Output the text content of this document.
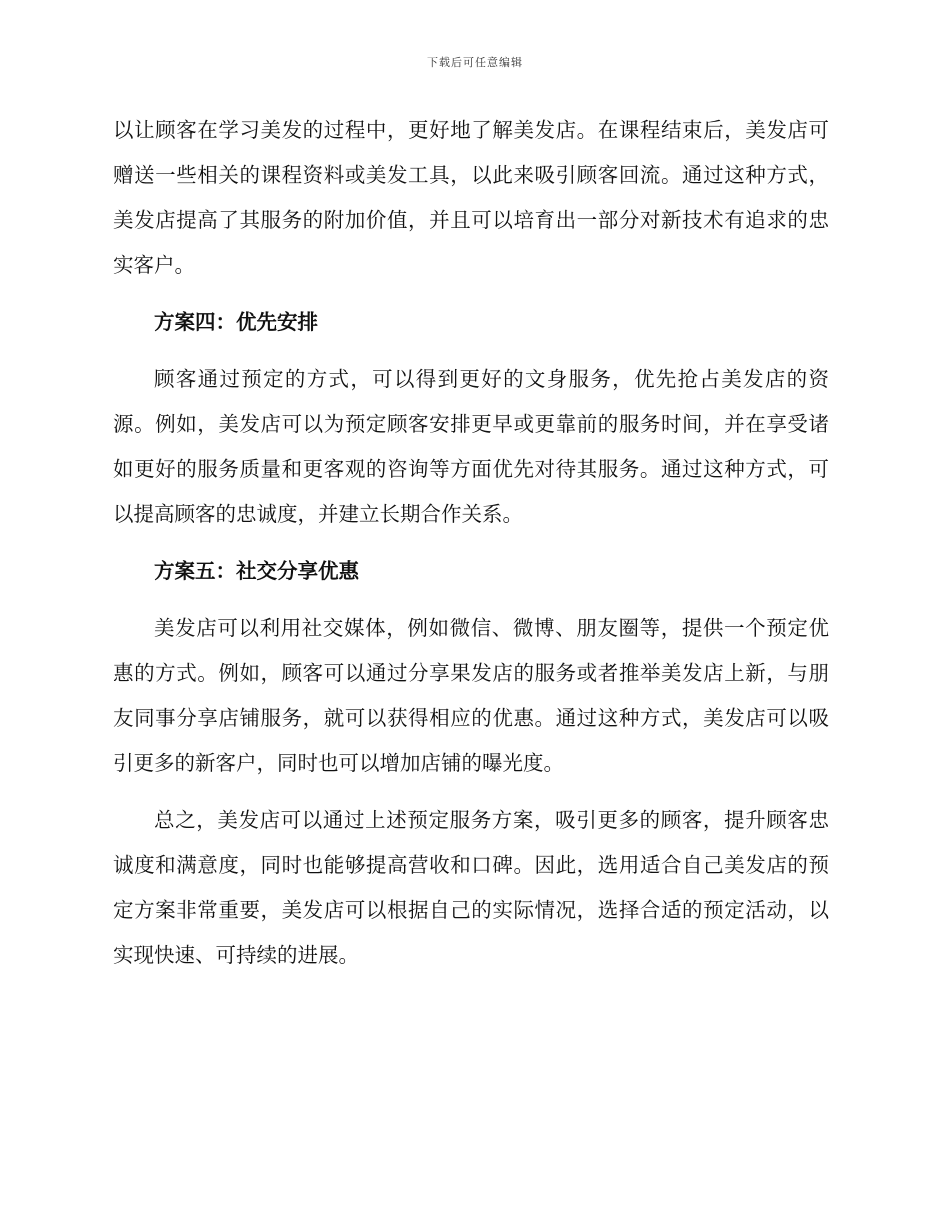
下载后可任意编辑

以让顾客在学习美发的过程中，更好地了解美发店。在课程结束后，美发店可赠送一些相关的课程资料或美发工具，以此来吸引顾客回流。通过这种方式，美发店提高了其服务的附加价值，并且可以培育出一部分对新技术有追求的忠实客户。

方案四：优先安排

顾客通过预定的方式，可以得到更好的文身服务，优先抢占美发店的资源。例如，美发店可以为预定顾客安排更早或更靠前的服务时间，并在享受诸如更好的服务质量和更客观的咨询等方面优先对待其服务。通过这种方式，可以提高顾客的忠诚度，并建立长期合作关系。

方案五：社交分享优惠

美发店可以利用社交媒体，例如微信、微博、朋友圈等，提供一个预定优惠的方式。例如，顾客可以通过分享果发店的服务或者推举美发店上新，与朋友同事分享店铺服务，就可以获得相应的优惠。通过这种方式，美发店可以吸引更多的新客户，同时也可以增加店铺的曝光度。

总之，美发店可以通过上述预定服务方案，吸引更多的顾客，提升顾客忠诚度和满意度，同时也能够提高营收和口碑。因此，选用适合自己美发店的预定方案非常重要，美发店可以根据自己的实际情况，选择合适的预定活动，以实现快速、可持续的进展。
